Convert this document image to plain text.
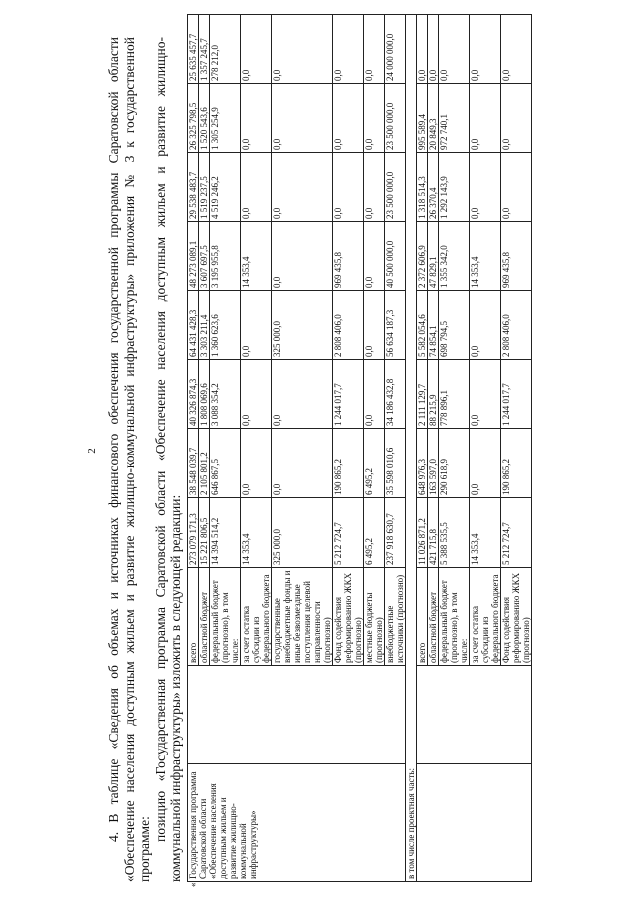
2 4. В таблице «Сведения об объемах и источниках финансового обеспечения государственной программы Саратовской области «Обеспечение населения доступным жильем и развитие жилищно-коммунальной инфраструктуры» приложения № 3 к государственной программе:

позицию «Государственная программа Саратовской области «Обеспечение населения доступным жильем и развитие жилищно-коммунальной инфраструктуры» изложить в следующей редакции:

«
Государственная программа Саратовской области «Обеспечение населения доступным жильем и развитие жилищно-коммунальной инфраструктуры»		всего	273 079 171,3	38 548 039,7	40 326 874,3	64 431 428,3	48 273 089,1	29 538 483,7	26 325 798,5	25 635 457,7
		областной бюджет	15 221 806,5	2 105 801,2	1 808 069,6	3 303 211,4	3 607 697,5	1 519 237,5	1 520 543,6	1 357 245,7
		федеральный бюджет (прогнозно), в том числе:	14 394 514,2	646 867,5	3 088 354,2	1 360 623,6	3 195 955,8	4 519 246,2	1 305 254,9	278 212,0
		за счет остатка субсидии из федерального бюджета	14 353,4	0,0	0,0	0,0	14 353,4	0,0	0,0	0,0
		государственные внебюджетные фонды и иные безвозмездные поступления целевой направленности (прогнозно)	325 000,0	0,0	0,0	325 000,0	0,0	0,0	0,0	0,0
		Фонд содействия реформированию ЖКХ (прогнозно)	5 212 724,7	190 865,2	1 244 017,7	2 808 406,0	969 435,8	0,0	0,0	0,0
		местные бюджеты (прогнозно)	6 495,2	6 495,2	0,0	0,0	0,0	0,0	0,0	0,0
		внебюджетные источники (прогнозно)	237 918 630,7	35 598 010,6	34 186 432,8	56 634 187,3	40 500 000,0	23 500 000,0	23 500 000,0	24 000 000,0
в том числе проектная часть:										
		всего	11 026 871,2	648 976,3	2 111 129,7	5 582 054,6	2 372 606,9	1 318 514,3	995 589,4	0,0
		областной бюджет	421 715,8	163 597,0	88 215,9	74 854,1	47 829,1	26 370,4	20 849,3	0,0
		федеральный бюджет (прогнозно), в том числе:	5 388 535,5	290 618,9	778 896,1	698 794,5	1 355 342,0	1 292 143,9	972 740,1	0,0
		за счет остатка субсидии из федерального бюджета	14 353,4	0,0	0,0	0,0	14 353,4	0,0	0,0	0,0
		Фонд содействия реформированию ЖКХ (прогнозно)	5 212 724,7	190 865,2	1 244 017,7	2 808 406,0	969 435,8	0,0	0,0	0,0
